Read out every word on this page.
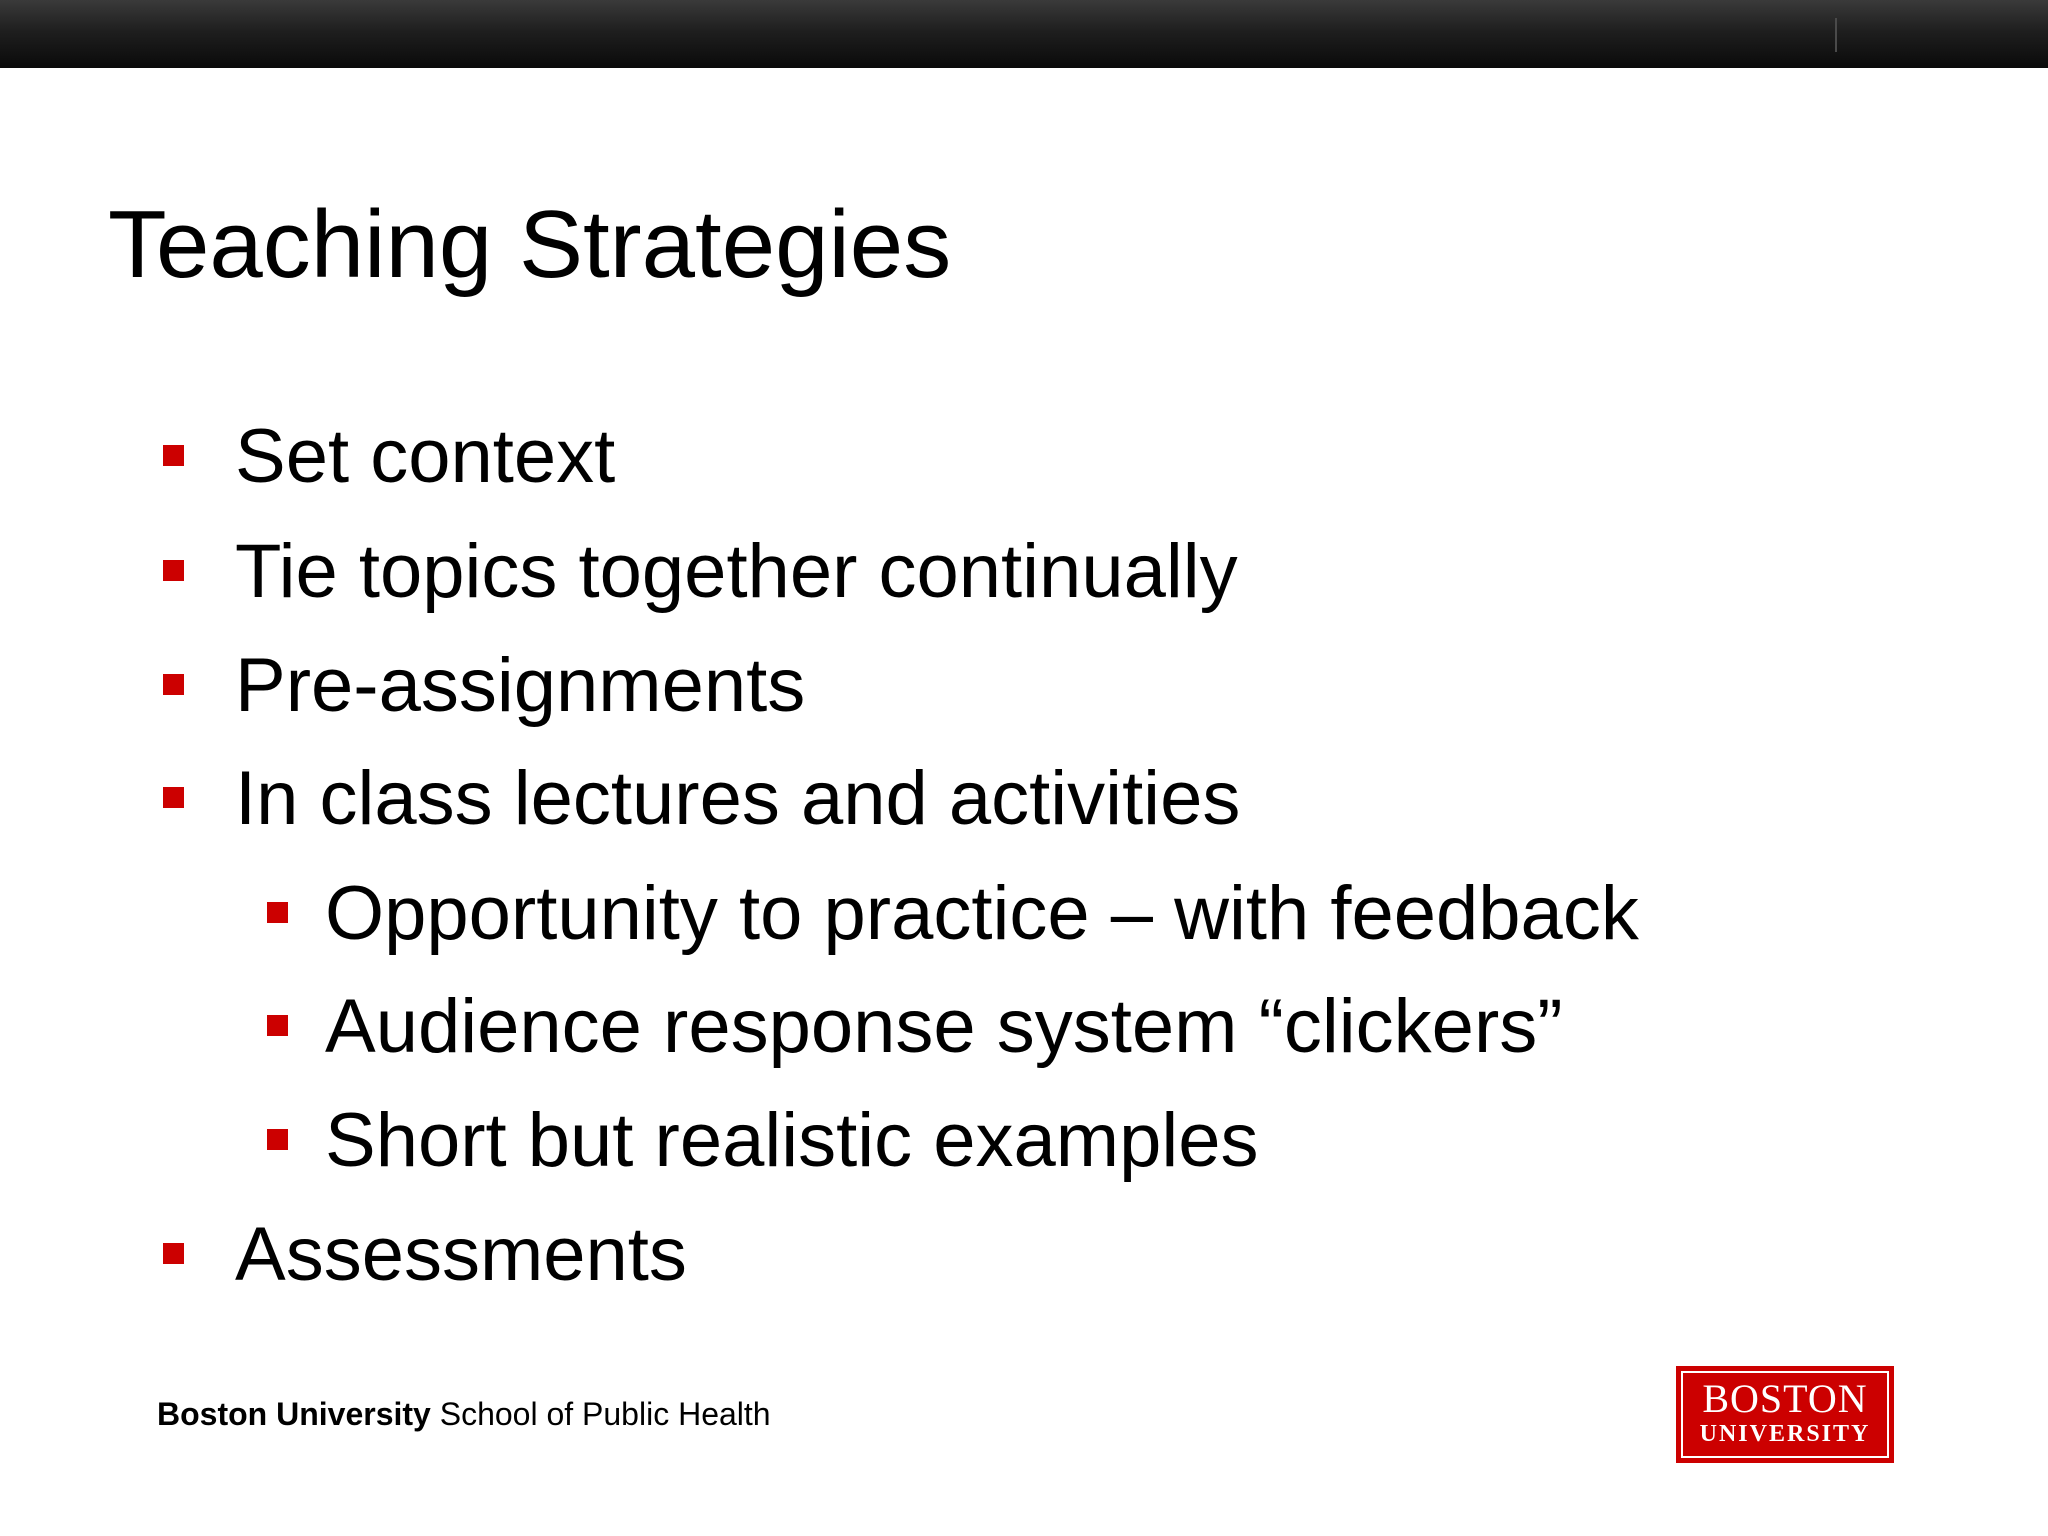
Teaching Strategies
Set context
Tie topics together continually
Pre-assignments
In class lectures and activities
Opportunity to practice – with feedback
Audience response system “clickers”
Short but realistic examples
Assessments
Boston University School of Public Health	BOSTON
UNIVERSITY
